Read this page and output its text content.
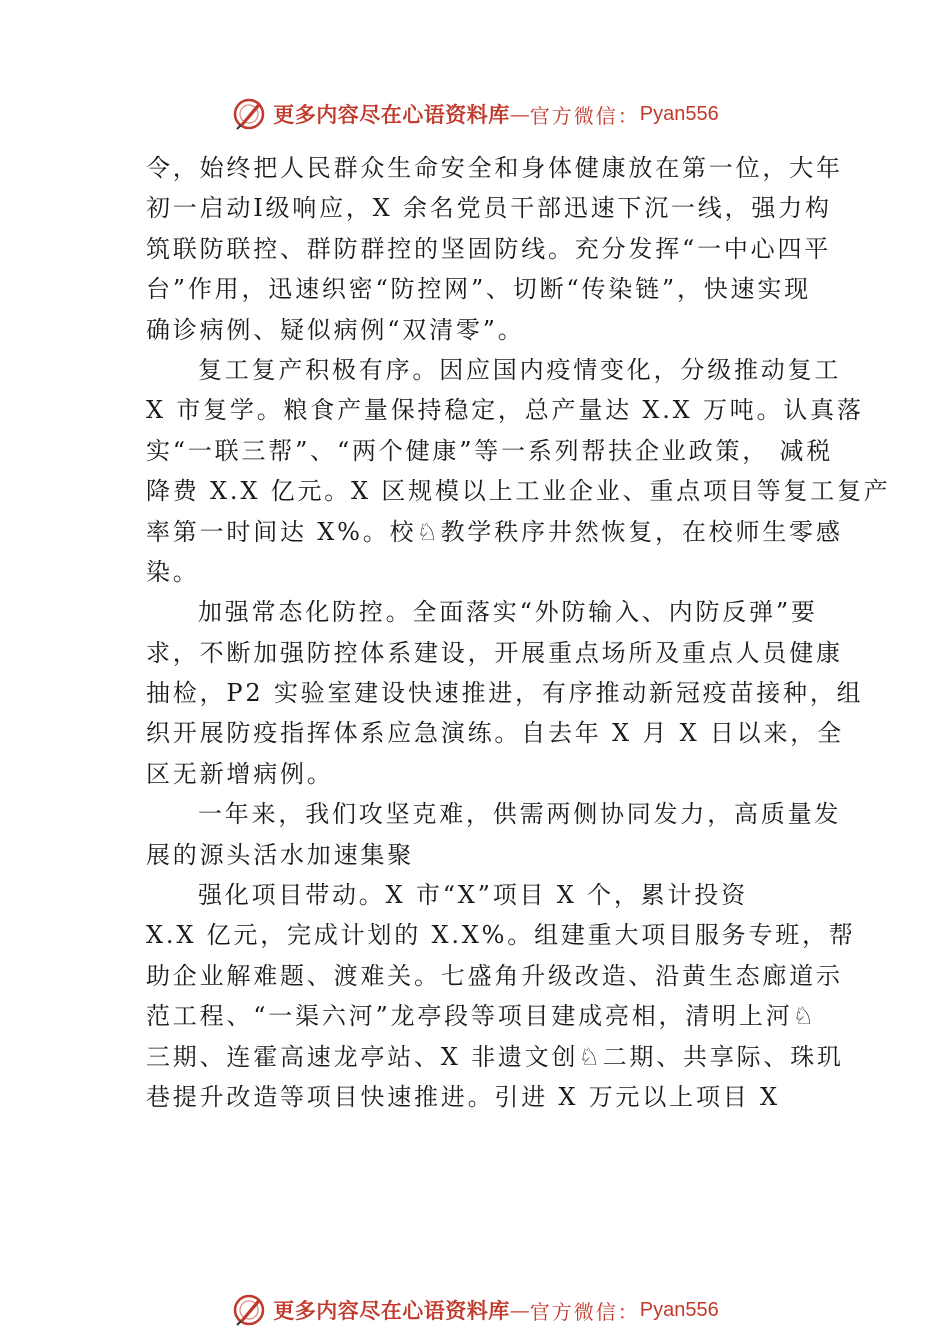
更多内容尽在心语资料库 — 官方微信： Pyan556
令，始终把人民群众生命安全和身体健康放在第一位，大年
初一启动Ⅰ级响应，X 余名党员干部迅速下沉一线，强力构
筑联防联控、群防群控的坚固防线。充分发挥“一中心四平
台”作用，迅速织密“防控网”、切断“传染链”，快速实现
确诊病例、疑似病例“双清零”。
复工复产积极有序。因应国内疫情变化，分级推动复工
X 市复学。粮食产量保持稳定，总产量达 X.X 万吨。认真落
实“一联三帮”、“两个健康”等一系列帮扶企业政策， 减税
降费 X.X 亿元。X 区规模以上工业企业、重点项目等复工复产
率第一时间达 X%。校♘教学秩序井然恢复，在校师生零感
染。
加强常态化防控。全面落实“外防输入、内防反弹”要
求，不断加强防控体系建设，开展重点场所及重点人员健康
抽检，P2 实验室建设快速推进，有序推动新冠疫苗接种，组
织开展防疫指挥体系应急演练。自去年 X 月 X 日以来，全
区无新增病例。
一年来，我们攻坚克难，供需两侧协同发力，高质量发
展的源头活水加速集聚
强化项目带动。X 市“X”项目 X 个，累计投资
X.X 亿元，完成计划的 X.X%。组建重大项目服务专班，帮
助企业解难题、渡难关。七盛角升级改造、沿黄生态廊道示
范工程、“一渠六河”龙亭段等项目建成亮相，清明上河♘
三期、连霍高速龙亭站、X 非遗文创♘二期、共享际、珠玑
巷提升改造等项目快速推进。引进 X 万元以上项目 X
更多内容尽在心语资料库 — 官方微信： Pyan556
